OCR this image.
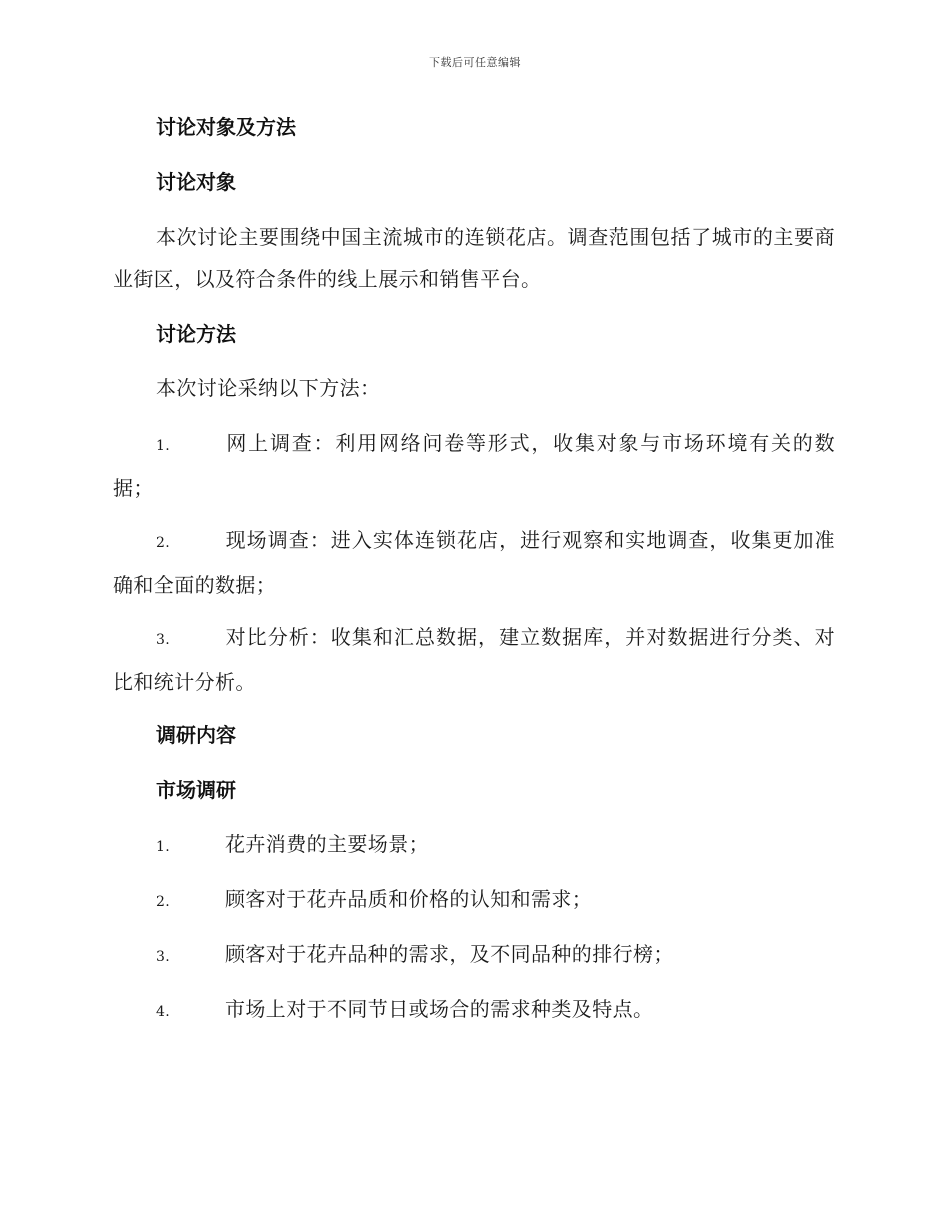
下载后可任意编辑
讨论对象及方法
讨论对象
本次讨论主要围绕中国主流城市的连锁花店。调查范围包括了城市的主要商业街区，以及符合条件的线上展示和销售平台。
讨论方法
本次讨论采纳以下方法：
1.	网上调查：利用网络问卷等形式，收集对象与市场环境有关的数据；
2.	现场调查：进入实体连锁花店，进行观察和实地调查，收集更加准确和全面的数据；
3.	对比分析：收集和汇总数据，建立数据库，并对数据进行分类、对比和统计分析。
调研内容
市场调研
1.	花卉消费的主要场景；
2.	顾客对于花卉品质和价格的认知和需求；
3.	顾客对于花卉品种的需求，及不同品种的排行榜；
4.	市场上对于不同节日或场合的需求种类及特点。
